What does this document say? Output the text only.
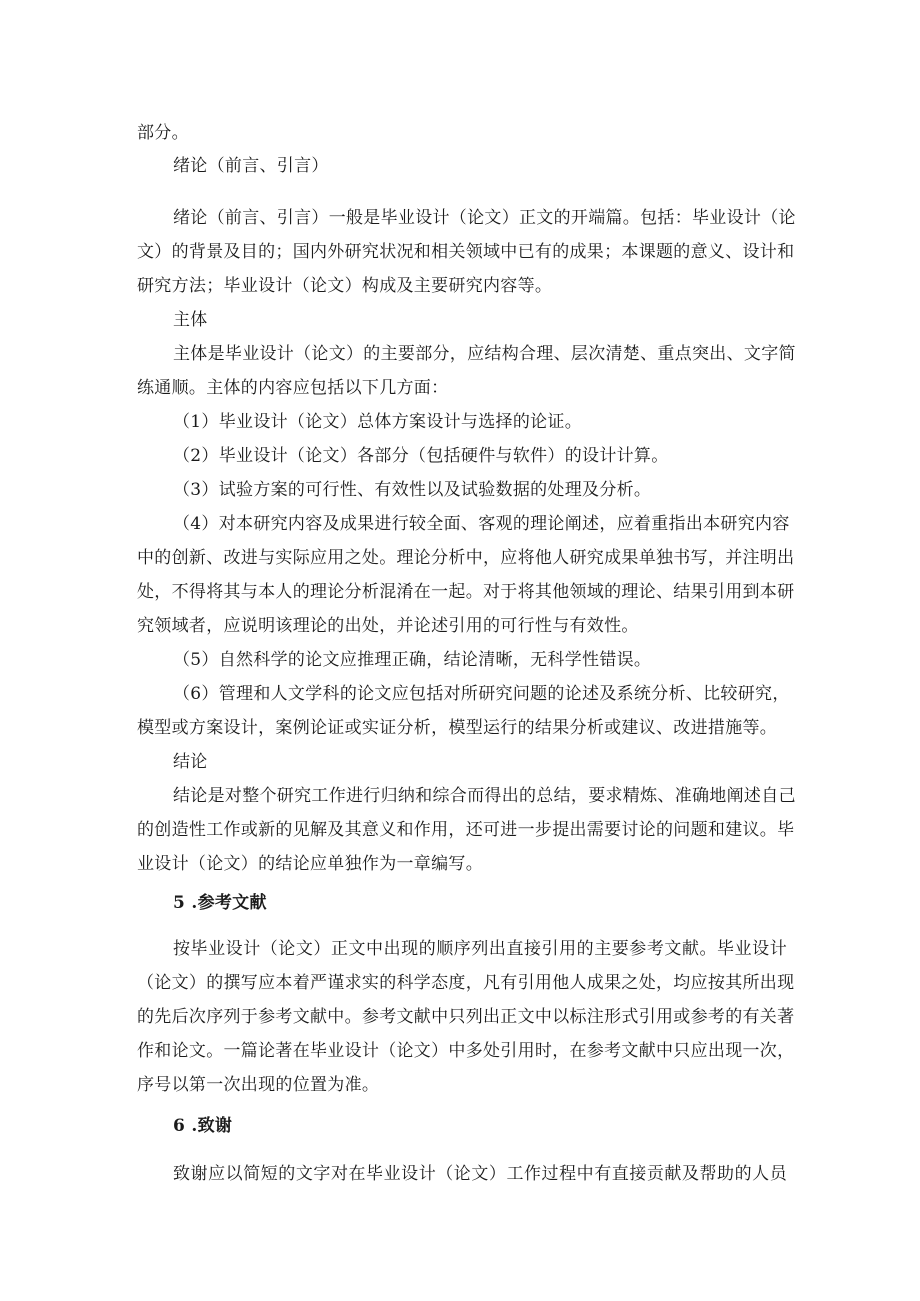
部分。
绪论（前言、引言）
绪论（前言、引言）一般是毕业设计（论文）正文的开端篇。包括：毕业设计（论
文）的背景及目的；国内外研究状况和相关领域中已有的成果；本课题的意义、设计和
研究方法；毕业设计（论文）构成及主要研究内容等。
主体
主体是毕业设计（论文）的主要部分，应结构合理、层次清楚、重点突出、文字简
练通顺。主体的内容应包括以下几方面：
（1）毕业设计（论文）总体方案设计与选择的论证。
（2）毕业设计（论文）各部分（包括硬件与软件）的设计计算。
（3）试验方案的可行性、有效性以及试验数据的处理及分析。
（4）对本研究内容及成果进行较全面、客观的理论阐述，应着重指出本研究内容
中的创新、改进与实际应用之处。理论分析中，应将他人研究成果单独书写，并注明出
处，不得将其与本人的理论分析混淆在一起。对于将其他领域的理论、结果引用到本研
究领域者，应说明该理论的出处，并论述引用的可行性与有效性。
（5）自然科学的论文应推理正确，结论清晰，无科学性错误。
（6）管理和人文学科的论文应包括对所研究问题的论述及系统分析、比较研究，
模型或方案设计，案例论证或实证分析，模型运行的结果分析或建议、改进措施等。
结论
结论是对整个研究工作进行归纳和综合而得出的总结，要求精炼、准确地阐述自己
的创造性工作或新的见解及其意义和作用，还可进一步提出需要讨论的问题和建议。毕
业设计（论文）的结论应单独作为一章编写。
5 .参考文献
按毕业设计（论文）正文中出现的顺序列出直接引用的主要参考文献。毕业设计
（论文）的撰写应本着严谨求实的科学态度，凡有引用他人成果之处，均应按其所出现
的先后次序列于参考文献中。参考文献中只列出正文中以标注形式引用或参考的有关著
作和论文。一篇论著在毕业设计（论文）中多处引用时，在参考文献中只应出现一次，
序号以第一次出现的位置为准。
6 .致谢
致谢应以简短的文字对在毕业设计（论文）工作过程中有直接贡献及帮助的人员
